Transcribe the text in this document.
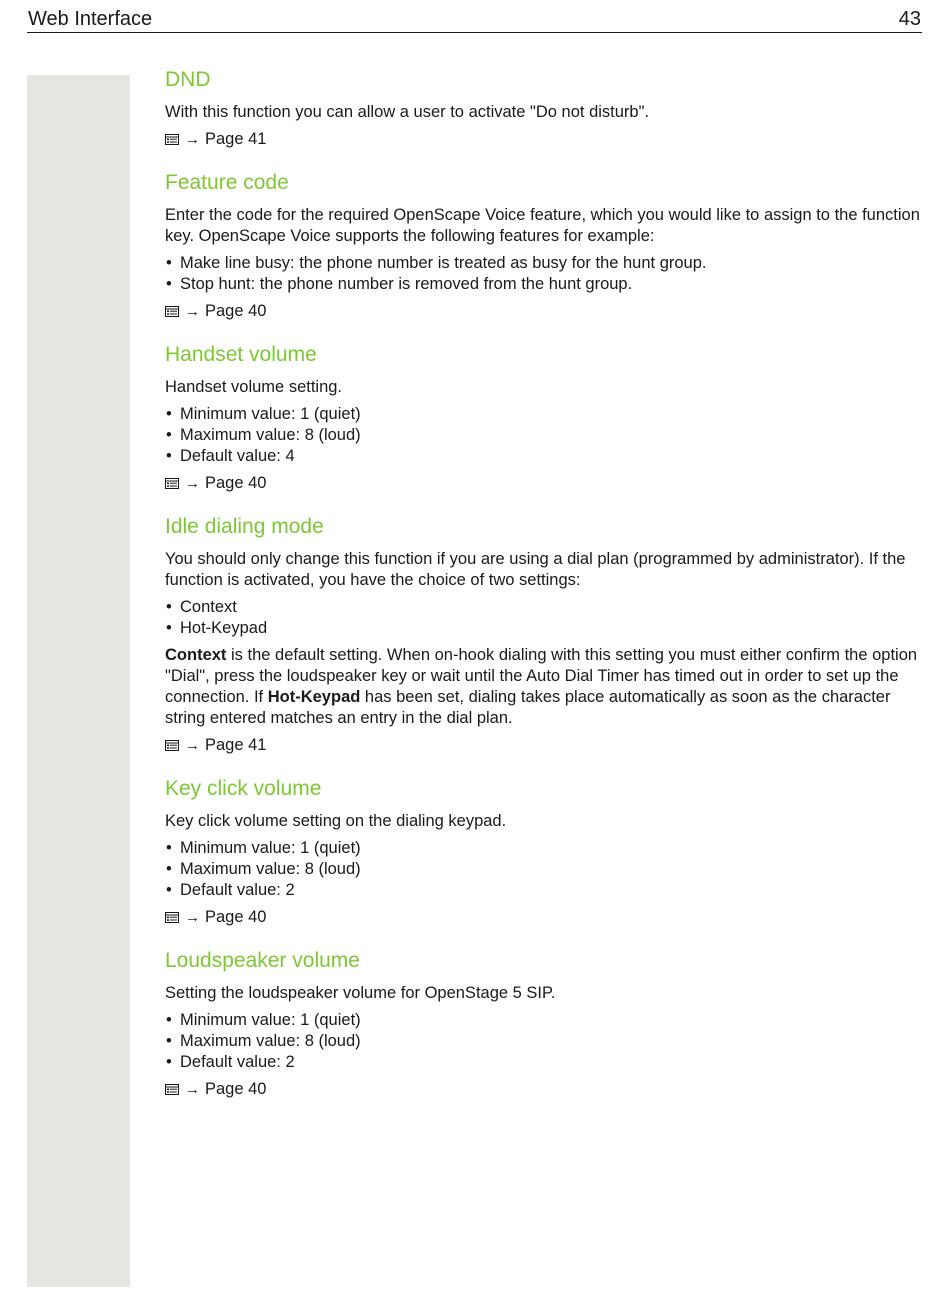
Web Interface	43
DND

With this function you can allow a user to activate "Do not disturb".

→ Page 41
Feature code

Enter the code for the required OpenScape Voice feature, which you would like to assign to the function key. OpenScape Voice supports the following features for example:

• Make line busy: the phone number is treated as busy for the hunt group.
• Stop hunt: the phone number is removed from the hunt group.
→ Page 40
Handset volume

Handset volume setting.

• Minimum value: 1 (quiet)
• Maximum value: 8 (loud)
• Default value: 4
→ Page 40
Idle dialing mode

You should only change this function if you are using a dial plan (programmed by administrator). If the function is activated, you have the choice of two settings:

• Context
• Hot-Keypad

Context is the default setting. When on-hook dialing with this setting you must either confirm the option "Dial", press the loudspeaker key or wait until the Auto Dial Timer has timed out in order to set up the connection. If Hot-Keypad has been set, dialing takes place automatically as soon as the character string entered matches an entry in the dial plan.

→ Page 41
Key click volume

Key click volume setting on the dialing keypad.

• Minimum value: 1 (quiet)
• Maximum value: 8 (loud)
• Default value: 2
→ Page 40
Loudspeaker volume

Setting the loudspeaker volume for OpenStage 5 SIP.

• Minimum value: 1 (quiet)
• Maximum value: 8 (loud)
• Default value: 2
→ Page 40
